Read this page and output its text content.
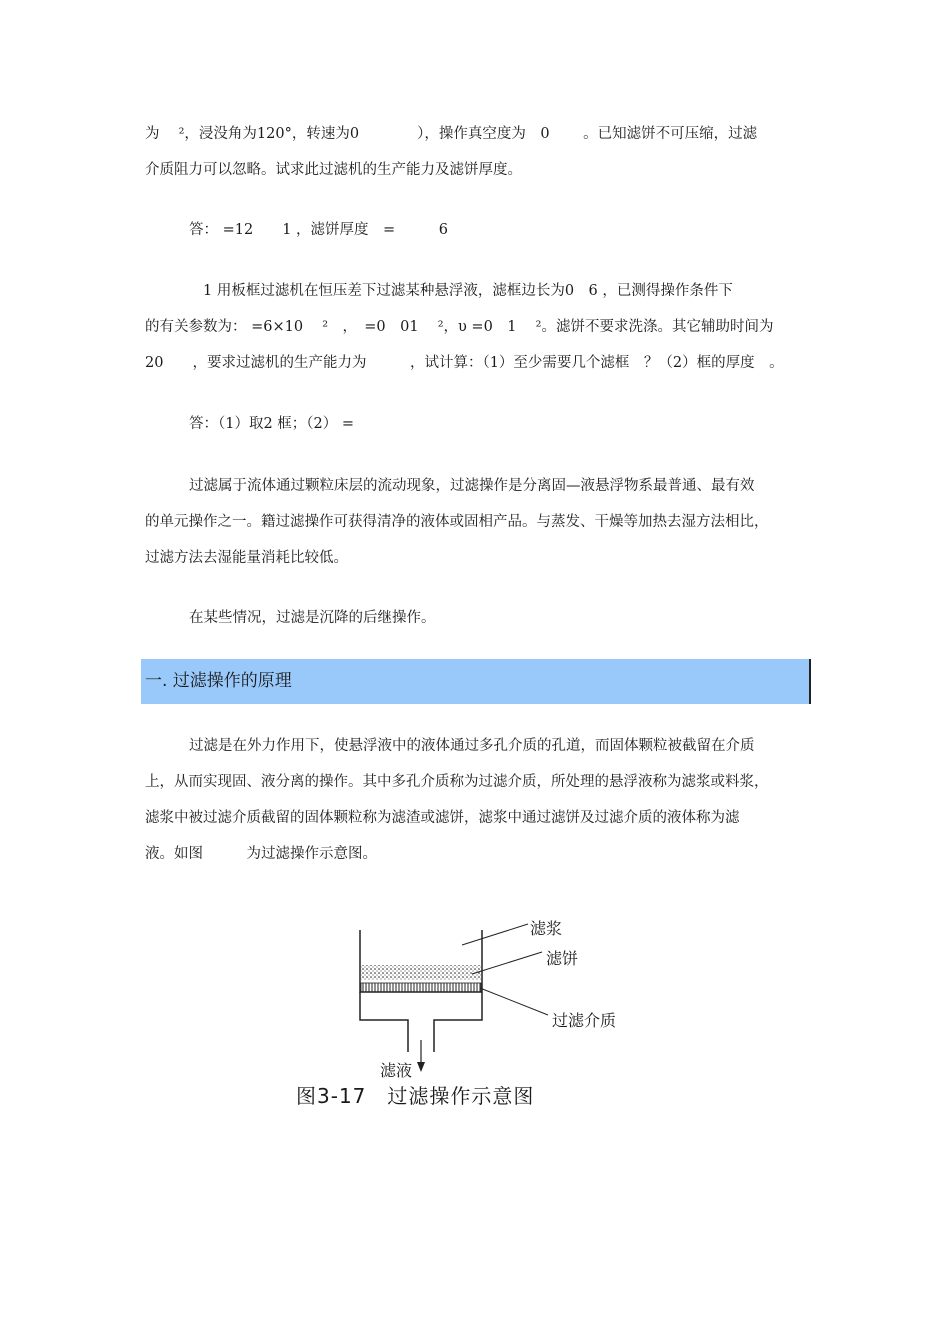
为　 ²，浸没角为120°，转速为0　　　　），操作真空度为　0　　 。已知滤饼不可压缩，过滤
介质阻力可以忽略。试求此过滤机的生产能力及滤饼厚度。
答： =12　　1 ，滤饼厚度　=　　　6
1 用板框过滤机在恒压差下过滤某种悬浮液，滤框边长为0　6 ，已测得操作条件下
的有关参数为： =6×10　 ²　，　=0　01　 ²，υ =0　1　 ²。滤饼不要求洗涤。其它辅助时间为
20　　，要求过滤机的生产能力为　　　，试计算：（1）至少需要几个滤框　？（2）框的厚度　。
答：（1）取2 框；（2） =
过滤属于流体通过颗粒床层的流动现象，过滤操作是分离固—液悬浮物系最普通、最有效
的单元操作之一。籍过滤操作可获得清净的液体或固相产品。与蒸发、干燥等加热去湿方法相比，
过滤方法去湿能量消耗比较低。
在某些情况，过滤是沉降的后继操作。
一. 过滤操作的原理
过滤是在外力作用下，使悬浮液中的液体通过多孔介质的孔道，而固体颗粒被截留在介质
上，从而实现固、液分离的操作。其中多孔介质称为过滤介质，所处理的悬浮液称为滤浆或料浆，
滤浆中被过滤介质截留的固体颗粒称为滤渣或滤饼，滤浆中通过滤饼及过滤介质的液体称为滤
液。如图　　　为过滤操作示意图。
滤浆
滤饼
过滤介质
滤液
图3-17　过滤操作示意图
